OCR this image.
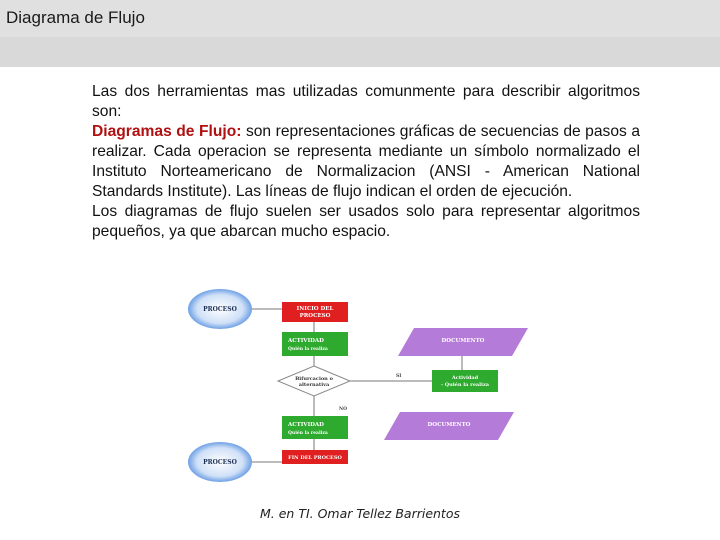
Diagrama de Flujo

Las dos herramientas mas utilizadas comunmente para describir algoritmos son:

Diagramas de Flujo: son representaciones gráficas de secuencias de pasos a realizar. Cada operacion se representa mediante un símbolo normalizado el Instituto Norteamericano de Normalizacion (ANSI - American National Standards Institute). Las líneas de flujo indican el orden de ejecución.

Los diagramas de flujo suelen ser usados solo para representar algoritmos pequeños, ya que abarcan mucho espacio.

PROCESO	INICIO DEL
PROCESO
ACTIVIDAD
Quién la realiza
DOCUMENTO
Bifurcacion o
alternativa
SI	Actividad
- Quién la realiza
NO
ACTIVIDAD
Quién la realiza
DOCUMENTO
PROCESO
FIN DEL PROCESO
M. en TI. Omar Tellez Barrientos
